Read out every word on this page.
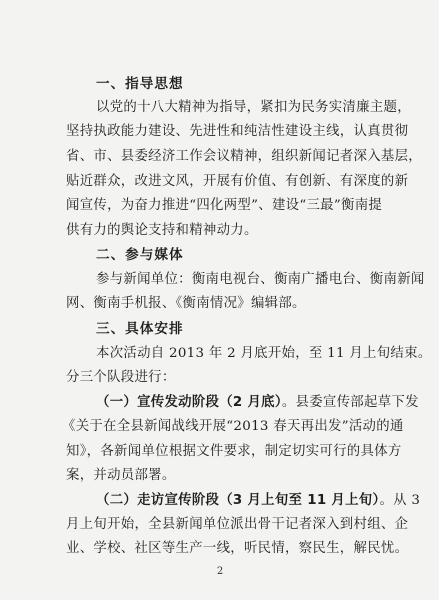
一、指导思想

以党的十八大精神为指导，紧扣为民务实清廉主题，

坚持执政能力建设、先进性和纯洁性建设主线，认真贯彻

省、市、县委经济工作会议精神，组织新闻记者深入基层，

贴近群众，改进文风，开展有价值、有创新、有深度的新

闻宣传，为奋力推进“四化两型”、建设“三最”衡南提

供有力的舆论支持和精神动力。

二、参与媒体

参与新闻单位：衡南电视台、衡南广播电台、衡南新闻

网、衡南手机报、《衡南情况》编辑部。

三、具体安排

本次活动自 2013 年 2 月底开始，至 11 月上旬结束。

分三个队段进行：

（一）宣传发动阶段（2 月底）。县委宣传部起草下发

《关于在全县新闻战线开展“2013 春天再出发”活动的通

知》，各新闻单位根据文件要求，制定切实可行的具体方

案，并动员部署。

（二）走访宣传阶段（3 月上旬至 11 月上旬）。从 3

月上旬开始，全县新闻单位派出骨干记者深入到村组、企

业、学校、社区等生产一线，听民情，察民生，解民忧。

2
